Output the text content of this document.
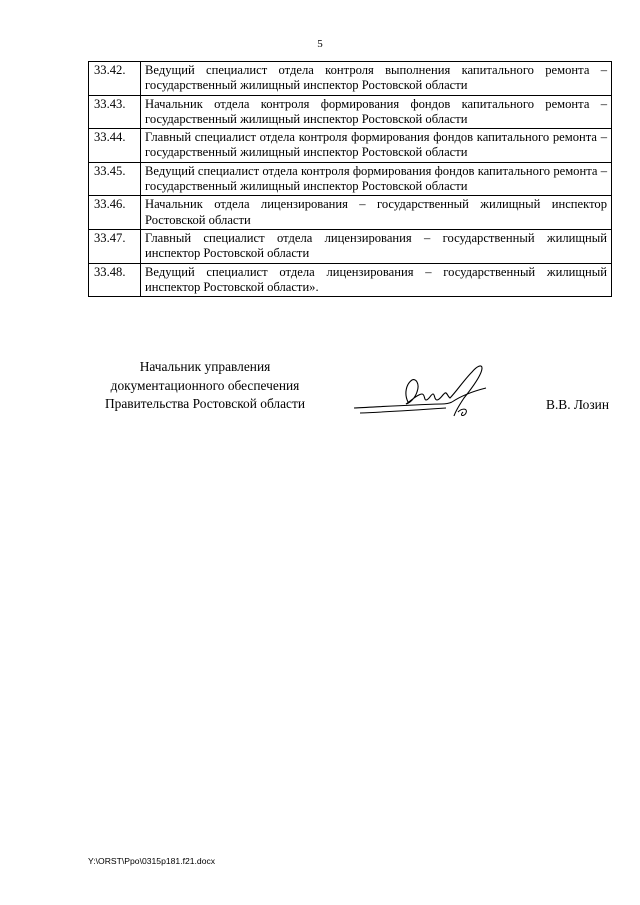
5
33.42.	Ведущий специалист отдела контроля выполнения капитального ремонта – государственный жилищный инспектор Ростовской области
33.43.	Начальник отдела контроля формирования фондов капитального ремонта – государственный жилищный инспектор Ростовской области
33.44.	Главный специалист отдела контроля формирования фондов капитального ремонта – государственный жилищный инспектор Ростовской области
33.45.	Ведущий специалист отдела контроля формирования фондов капитального ремонта – государственный жилищный инспектор Ростовской области
33.46.	Начальник отдела лицензирования – государственный жилищный инспектор Ростовской области
33.47.	Главный специалист отдела лицензирования – государственный жилищный инспектор Ростовской области
33.48.	Ведущий специалист отдела лицензирования – государственный жилищный инспектор Ростовской области».
Начальник управления
документационного обеспечения
Правительства Ростовской области	В.В. Лозин
Y:\ORST\Ppo\0315p181.f21.docx
